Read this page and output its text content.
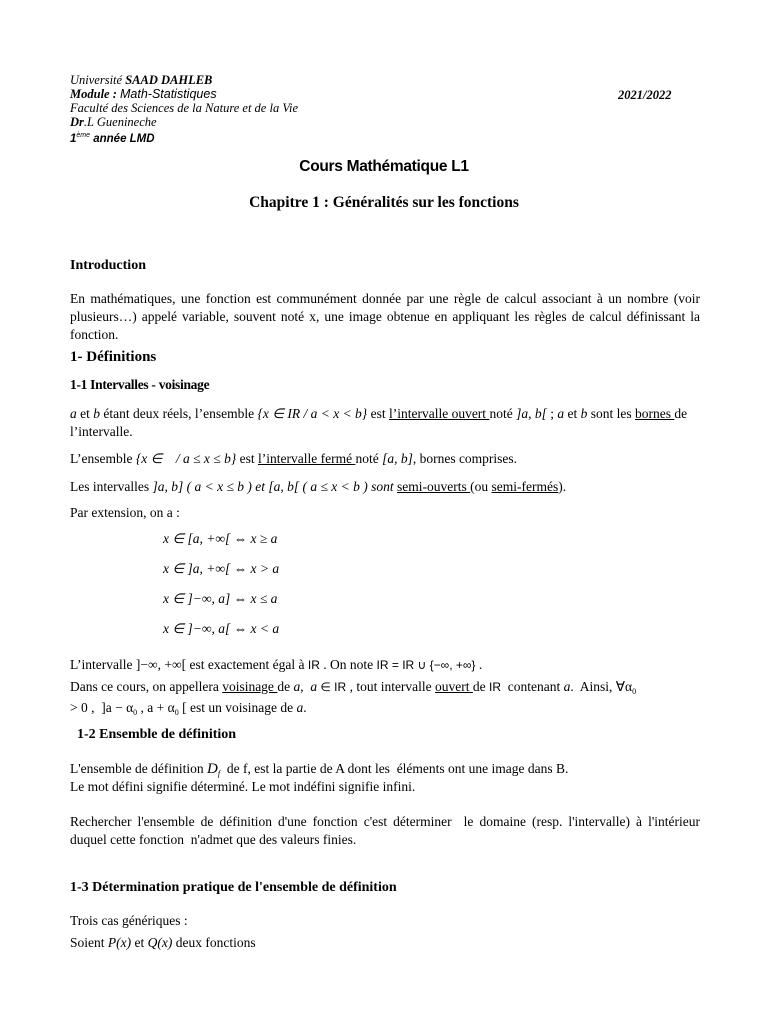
Université SAAD DAHLEB
Module : Math-Statistiques	2021/2022
Faculté des Sciences de la Nature et de la Vie
Dr.L Guenineche
1ème année LMD
Cours Mathématique L1
Chapitre 1 : Généralités sur les fonctions
Introduction
En mathématiques, une fonction est communément donnée par une règle de calcul associant à un nombre (voir plusieurs…) appelé variable, souvent noté x, une image obtenue en appliquant les règles de calcul définissant la fonction.
1- Définitions
1-1 Intervalles - voisinage
a et b étant deux réels, l’ensemble {x ∈ IR / a < x < b} est l’intervalle ouvert noté ]a, b[ ; a et b sont les bornes de
l’intervalle.
L’ensemble {x ∈    / a ≤ x ≤ b} est l’intervalle fermé noté [a, b], bornes comprises.
Les intervalles ]a, b] ( a < x ≤ b ) et [a, b[ ( a ≤ x < b ) sont semi-ouverts (ou semi-fermés).
Par extension, on a :
x ∈ [a, +∞[ ⇔ x ≥ a
x ∈ ]a, +∞[ ⇔ x > a
x ∈ ]−∞, a] ⇔ x ≤ a
x ∈ ]−∞, a[ ⇔ x < a
L’intervalle ]−∞, +∞[ est exactement égal à IR . On note IR = IR ∪ {−∞, +∞} .
Dans ce cours, on appellera voisinage de a,  a ∈ IR , tout intervalle ouvert de IR  contenant a.  Ainsi, $\forall\alpha_0$
> 0 ,  ]$a - \alpha_0$ , $a + \alpha_0$ [ est un voisinage de a.
1-2 Ensemble de définition
L'ensemble de définition $D_f$  de f, est la partie de A dont les  éléments ont une image dans B.
Le mot défini signifie déterminé. Le mot indéfini signifie infini.
Rechercher l'ensemble de définition d'une fonction c'est déterminer  le domaine (resp. l'intervalle) à l'intérieur duquel cette fonction  n'admet que des valeurs finies.
1-3 Détermination pratique de l'ensemble de définition
Trois cas génériques :
Soient P(x) et Q(x) deux fonctions
